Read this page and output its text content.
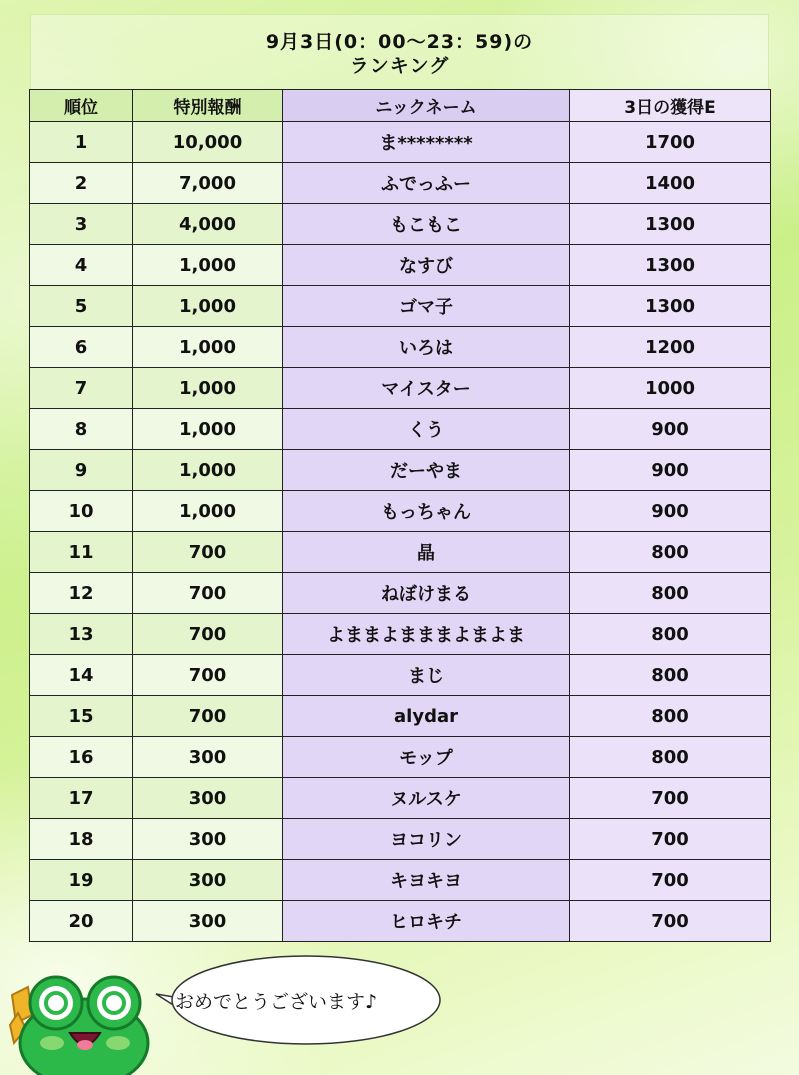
9月3日(0：00～23：59)の
ランキング
順位	特別報酬	ニックネーム	3日の獲得E
1	10,000	ま********	1700
2	7,000	ふでっふー	1400
3	4,000	もこもこ	1300
4	1,000	なすび	1300
5	1,000	ゴマ子	1300
6	1,000	いろは	1200
7	1,000	マイスター	1000
8	1,000	くう	900
9	1,000	だーやま	900
10	1,000	もっちゃん	900
11	700	晶	800
12	700	ねぼけまる	800
13	700	よままよまままよまよま	800
14	700	まじ	800
15	700	alydar	800
16	300	モップ	800
17	300	ヌルスケ	700
18	300	ヨコリン	700
19	300	キヨキヨ	700
20	300	ヒロキチ	700
おめでとうございます♪
